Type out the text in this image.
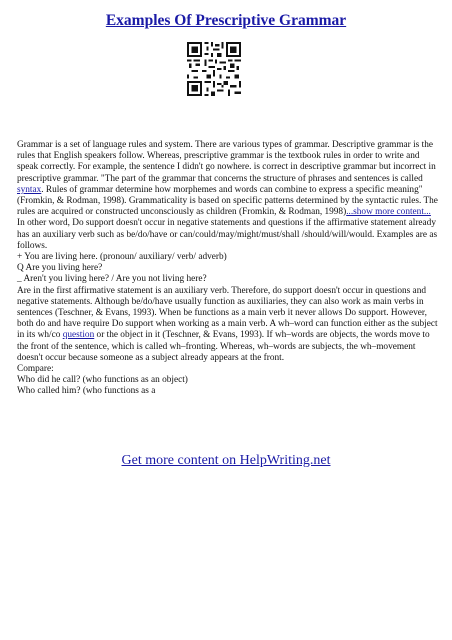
Examples Of Prescriptive Grammar

Grammar is a set of language rules and system. There are various types of grammar. Descriptive grammar is the rules that English speakers follow. Whereas, prescriptive grammar is the textbook rules in order to write and speak correctly. For example, the sentence I didn't go nowhere. is correct in descriptive grammar but incorrect in prescriptive grammar. "The part of the grammar that concerns the structure of phrases and sentences is called syntax. Rules of grammar determine how morphemes and words can combine to express a specific meaning" (Fromkin, & Rodman, 1998). Grammaticality is based on specific patterns determined by the syntactic rules. The rules are acquired or constructed unconsciously as children (Fromkin, & Rodman, 1998)...show more content...

In other word, Do support doesn't occur in negative statements and questions if the affirmative statement already has an auxiliary verb such as be/do/have or can/could/may/might/must/shall /should/will/would. Examples are as follows.

+ You are living here. (pronoun/ auxiliary/ verb/ adverb)

Q Are you living here?

_ Aren't you living here? / Are you not living here?

Are in the first affirmative statement is an auxiliary verb. Therefore, do support doesn't occur in questions and negative statements. Although be/do/have usually function as auxiliaries, they can also work as main verbs in sentences (Teschner, & Evans, 1993). When be functions as a main verb it never allows Do support. However, both do and have require Do support when working as a main verb. A wh–word can function either as the subject in its wh/co question or the object in it (Teschner, & Evans, 1993). If wh–words are objects, the words move to the front of the sentence, which is called wh–fronting. Whereas, wh–words are subjects, the wh–movement doesn't occur because someone as a subject already appears at the front.

Compare:

Who did he call? (who functions as an object)

Who called him? (who functions as a

Get more content on HelpWriting.net
